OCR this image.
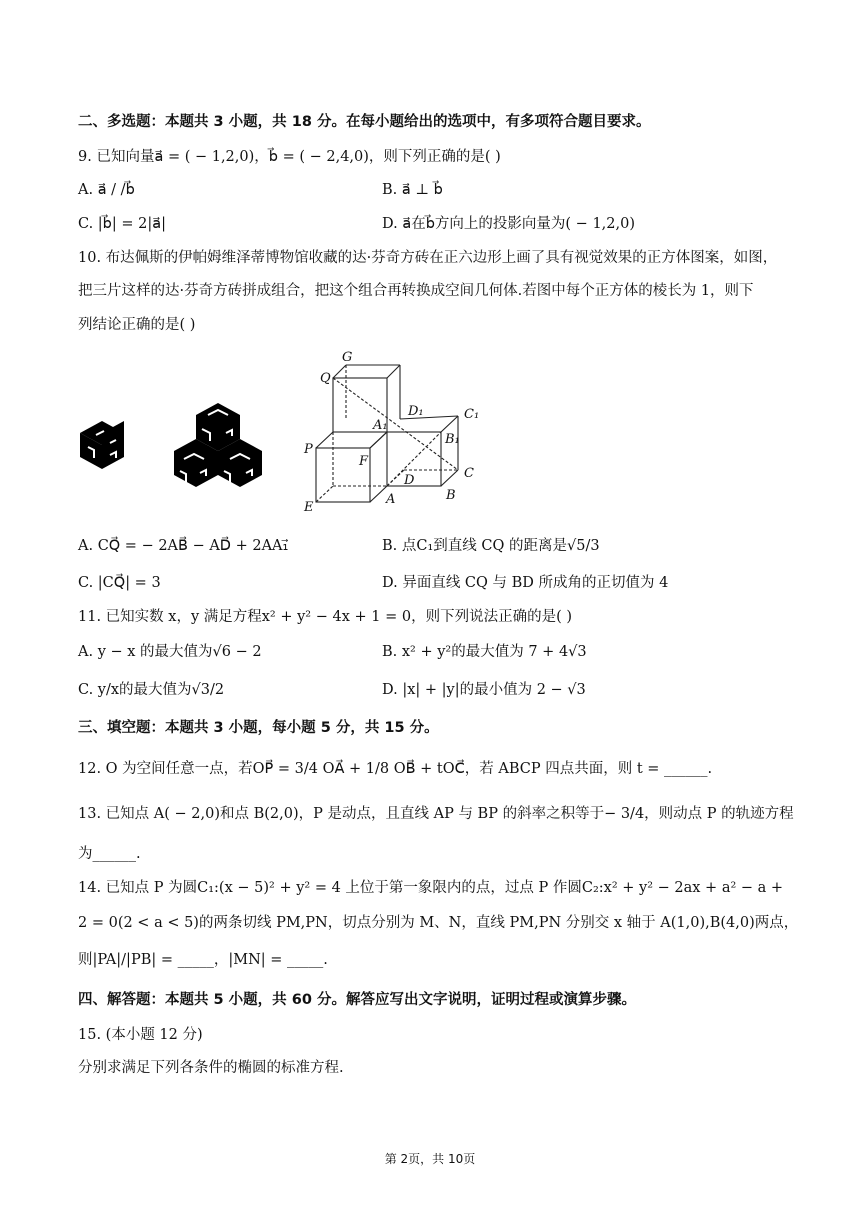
二、多选题：本题共 3 小题，共 18 分。在每小题给出的选项中，有多项符合题目要求。
9. 已知向量a⃗ = ( − 1,2,0)，b⃗ = ( − 2,4,0)，则下列正确的是( )
A. a⃗ / /b⃗	B. a⃗ ⊥ b⃗
C. |b⃗| = 2|a⃗|	D. a⃗在b⃗方向上的投影向量为( − 1,2,0)
10. 布达佩斯的伊帕姆维泽蒂博物馆收藏的达·芬奇方砖在正六边形上画了具有视觉效果的正方体图案，如图，
把三片这样的达·芬奇方砖拼成组合，把这个组合再转换成空间几何体.若图中每个正方体的棱长为 1，则下
列结论正确的是( )
G
Q
D₁	C₁
A₁
B₁
P
F
D	C
E
A	B
A. CQ⃗ = − 2AB⃗ − AD⃗ + 2AA₁⃗	B. 点C₁到直线 CQ 的距离是√5/3
C. |CQ⃗| = 3	D. 异面直线 CQ 与 BD 所成角的正切值为 4
11. 已知实数 x，y 满足方程x² + y² − 4x + 1 = 0，则下列说法正确的是( )
A. y − x 的最大值为√6 − 2	B. x² + y²的最大值为 7 + 4√3
C. y/x的最大值为√3/2	D. |x| + |y|的最小值为 2 − √3
三、填空题：本题共 3 小题，每小题 5 分，共 15 分。
12. O 为空间任意一点，若OP⃗ = 3/4 OA⃗ + 1/8 OB⃗ + tOC⃗，若 ABCP 四点共面，则 t = ______.
13. 已知点 A( − 2,0)和点 B(2,0)，P 是动点，且直线 AP 与 BP 的斜率之积等于− 3/4，则动点 P 的轨迹方程
为______.
14. 已知点 P 为圆C₁:(x − 5)² + y² = 4 上位于第一象限内的点，过点 P 作圆C₂:x² + y² − 2ax + a² − a +
2 = 0(2 < a < 5)的两条切线 PM,PN，切点分别为 M、N，直线 PM,PN 分别交 x 轴于 A(1,0),B(4,0)两点，
则|PA|/|PB| = _____，|MN| = _____.
四、解答题：本题共 5 小题，共 60 分。解答应写出文字说明，证明过程或演算步骤。
15. (本小题 12 分)
分别求满足下列各条件的椭圆的标准方程.
第 2页，共 10页
